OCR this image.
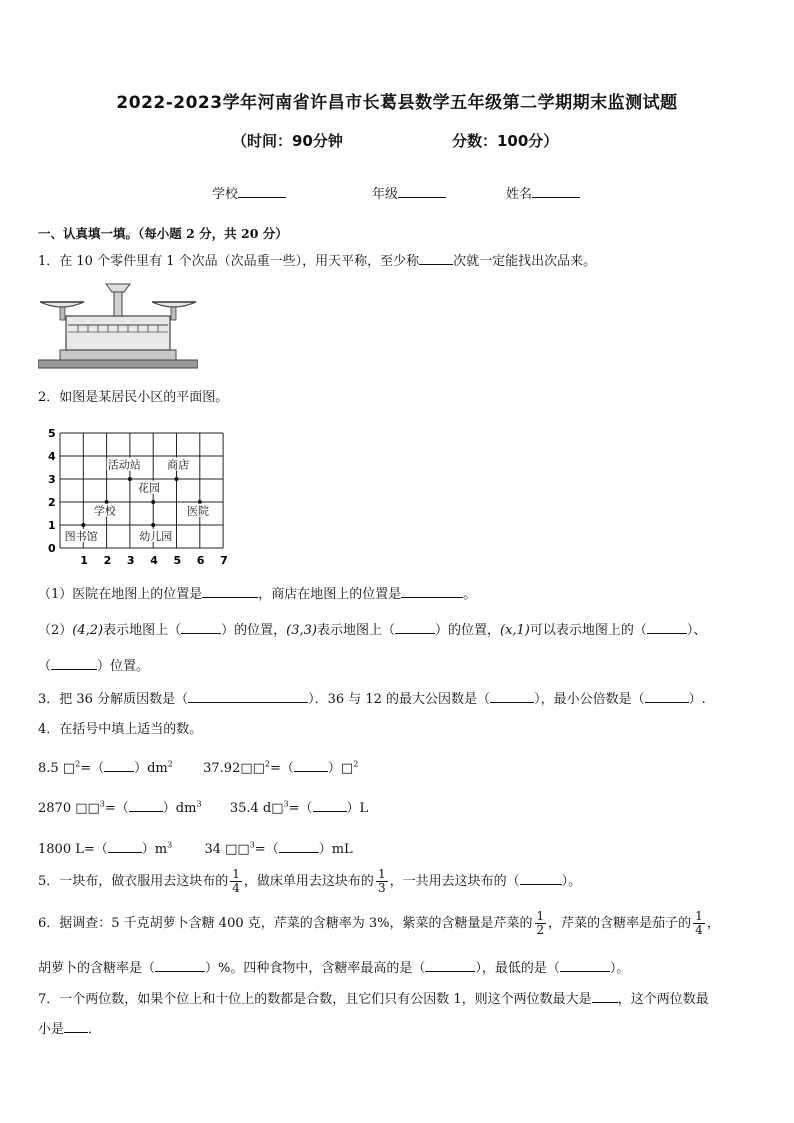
2022-2023学年河南省许昌市长葛县数学五年级第二学期期末监测试题
（时间：90分钟	分数：100分）
学校	年级	姓名
一、认真填一填。（每小题 2 分，共 20 分）
1．在 10 个零件里有 1 个次品（次品重一些），用天平称，至少称	次就一定能找出次品来。
2．如图是某居民小区的平面图。
0
1
2
3
4
5
1 2 3 4 5 6 7
图书馆
学校
幼儿园
活动站 商店
花园
医院
（1）医院在地图上的位置是	，商店在地图上的位置是	。
（2）(4,2)表示地图上（	）的位置，(3,3)表示地图上（	）的位置，(x,1)可以表示地图上的（	）、
（	）位置。
3．把 36 分解质因数是（	）．36 与 12 的最大公因数是（	），最小公倍数是（	）.
4．在括号中填上适当的数。
8.5 □$^2$=（ ）$dm^2$ 37.92□□$^2$=（	）□$^2$
2870 □□$^3$=（	）$dm^3$ 35.4 d□$^3$=（	）L
1800 L=（	）$m^3$ 34 □□$^3$=（	）mL
5．一块布，做衣服用去这块布的 $\frac{1}{4}$ ，做床单用去这块布的 $\frac{1}{3}$ ，一共用去这块布的（	）。
6．据调查：5 千克胡萝卜含糖 400 克，芹菜的含糖率为 3%，紫菜的含糖量是芹菜的 $\frac{1}{2}$ ，芹菜的含糖率是茄子的 $\frac{1}{4}$ ，
胡萝卜的含糖率是（	）%。四种食物中，含糖率最高的是（	），最低的是（	）。
7．一个两位数，如果个位上和十位上的数都是合数，且它们只有公因数 1，则这个两位数最大是 ，这个两位数最
小是 ．
